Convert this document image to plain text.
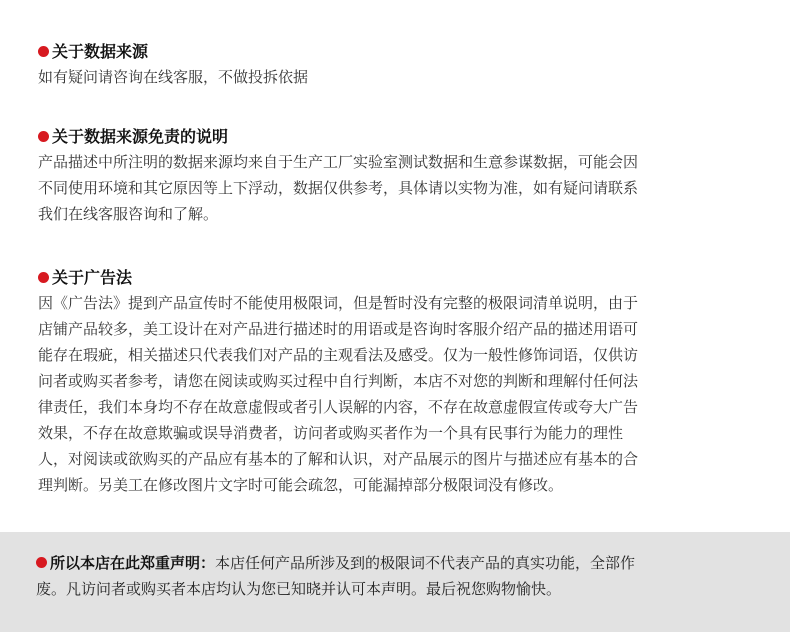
关于数据来源
如有疑问请咨询在线客服，不做投拆依据
关于数据来源免责的说明
产品描述中所注明的数据来源均来自于生产工厂实验室测试数据和生意参谋数据，可能会因
不同使用环境和其它原因等上下浮动，数据仅供参考，具体请以实物为准，如有疑问请联系
我们在线客服咨询和了解。
关于广告法
因《广告法》提到产品宣传时不能使用极限词，但是暂时没有完整的极限词清单说明，由于
店铺产品较多，美工设计在对产品进行描述时的用语或是咨询时客服介绍产品的描述用语可
能存在瑕疵，相关描述只代表我们对产品的主观看法及感受。仅为一般性修饰词语，仅供访
问者或购买者参考，请您在阅读或购买过程中自行判断，本店不对您的判断和理解付任何法
律责任，我们本身均不存在故意虚假或者引人误解的内容，不存在故意虚假宣传或夸大广告
效果，不存在故意欺骗或误导消费者，访问者或购买者作为一个具有民事行为能力的理性
人，对阅读或欲购买的产品应有基本的了解和认识，对产品展示的图片与描述应有基本的合
理判断。另美工在修改图片文字时可能会疏忽，可能漏掉部分极限词没有修改。
所以本店在此郑重声明：本店任何产品所涉及到的极限词不代表产品的真实功能，全部作
废。凡访问者或购买者本店均认为您已知晓并认可本声明。最后祝您购物愉快。
